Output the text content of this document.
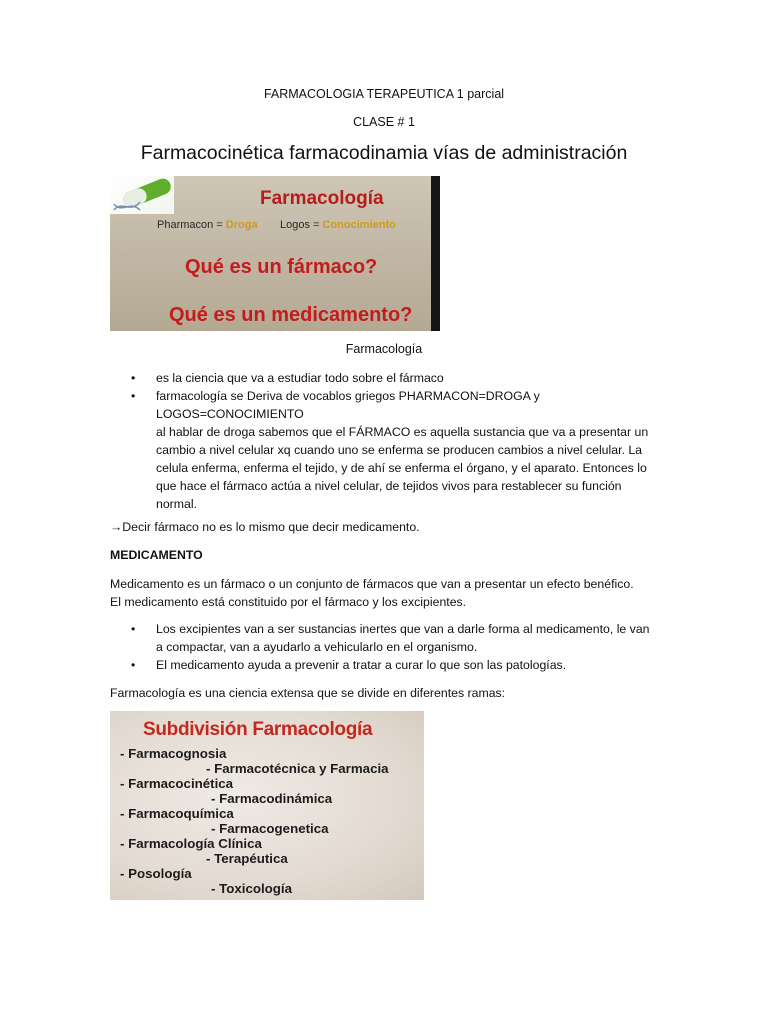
FARMACOLOGIA TERAPEUTICA 1 parcial
CLASE # 1
Farmacocinética farmacodinamia vías de administración
Farmacología
Pharmacon = Droga Logos = Conocimiento
Qué es un fármaco?
Qué es un medicamento?
Farmacología
• es la ciencia que va a estudiar todo sobre el fármaco
• farmacología se Deriva de vocablos griegos PHARMACON=DROGA y LOGOS=CONOCIMIENTO
al hablar de droga sabemos que el FÁRMACO es aquella sustancia que va a presentar un cambio a nivel celular xq cuando uno se enferma se producen cambios a nivel celular. La celula enferma, enferma el tejido, y de ahí se enferma el órgano, y el aparato. Entonces lo que hace el fármaco actúa a nivel celular, de tejidos vivos para restablecer su función normal.
→Decir fármaco no es lo mismo que decir medicamento.
MEDICAMENTO
Medicamento es un fármaco o un conjunto de fármacos que van a presentar un efecto benéfico. El medicamento está constituido por el fármaco y los excipientes.
• Los excipientes van a ser sustancias inertes que van a darle forma al medicamento, le van a compactar, van a ayudarlo a vehicularlo en el organismo.
• El medicamento ayuda a prevenir a tratar a curar lo que son las patologías.
Farmacología es una ciencia extensa que se divide en diferentes ramas:
Subdivisión Farmacología
- Farmacognosia
- Farmacotécnica y Farmacia
- Farmacocinética
- Farmacodinámica
- Farmacoquímica
- Farmacogenetica
- Farmacología Clínica
- Terapéutica
- Posología
- Toxicología
